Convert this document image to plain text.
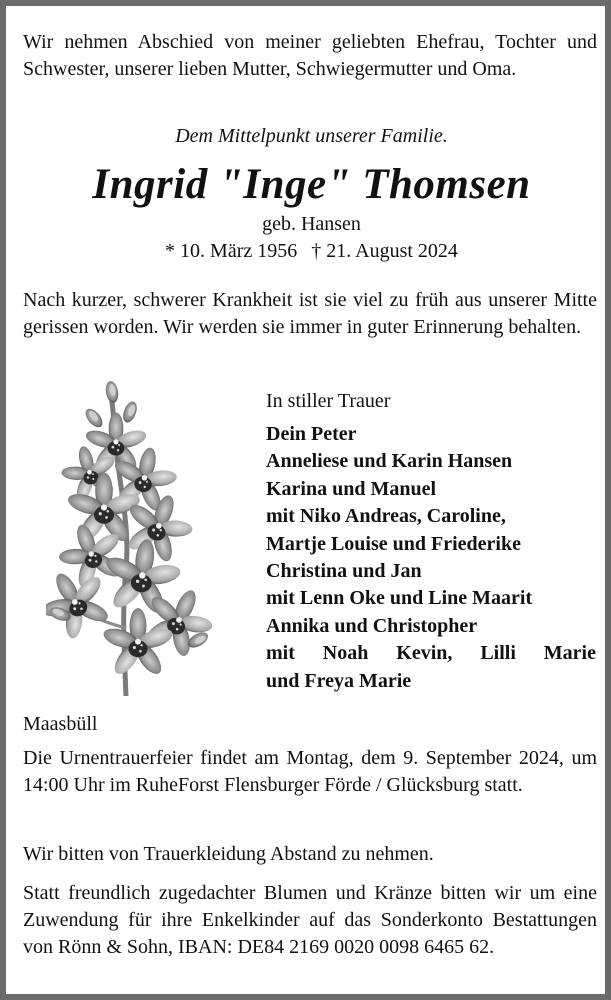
Wir nehmen Abschied von meiner geliebten Ehefrau, Tochter und Schwester, unserer lieben Mutter, Schwiegermutter und Oma.

Dem Mittelpunkt unserer Familie.
Ingrid "Inge" Thomsen
geb. Hansen
* 10. März 1956 † 21. August 2024

Nach kurzer, schwerer Krankheit ist sie viel zu früh aus unserer Mitte gerissen worden. Wir werden sie immer in guter Erinnerung behalten.

In stiller Trauer
Dein Peter
Anneliese und Karin Hansen
Karina und Manuel
mit Niko Andreas, Caroline,
Martje Louise und Friederike
Christina und Jan
mit Lenn Oke und Line Maarit
Annika und Christopher
mit Noah Kevin, Lilli Marie
und Freya Marie
Maasbüll

Die Urnentrauerfeier findet am Montag, dem 9. September 2024, um 14:00 Uhr im RuheForst Flensburger Förde / Glücksburg statt.

Wir bitten von Trauerkleidung Abstand zu nehmen.

Statt freundlich zugedachter Blumen und Kränze bitten wir um eine Zuwendung für ihre Enkelkinder auf das Sonderkonto Bestattungen von Rönn & Sohn, IBAN: DE84 2169 0020 0098 6465 62.
